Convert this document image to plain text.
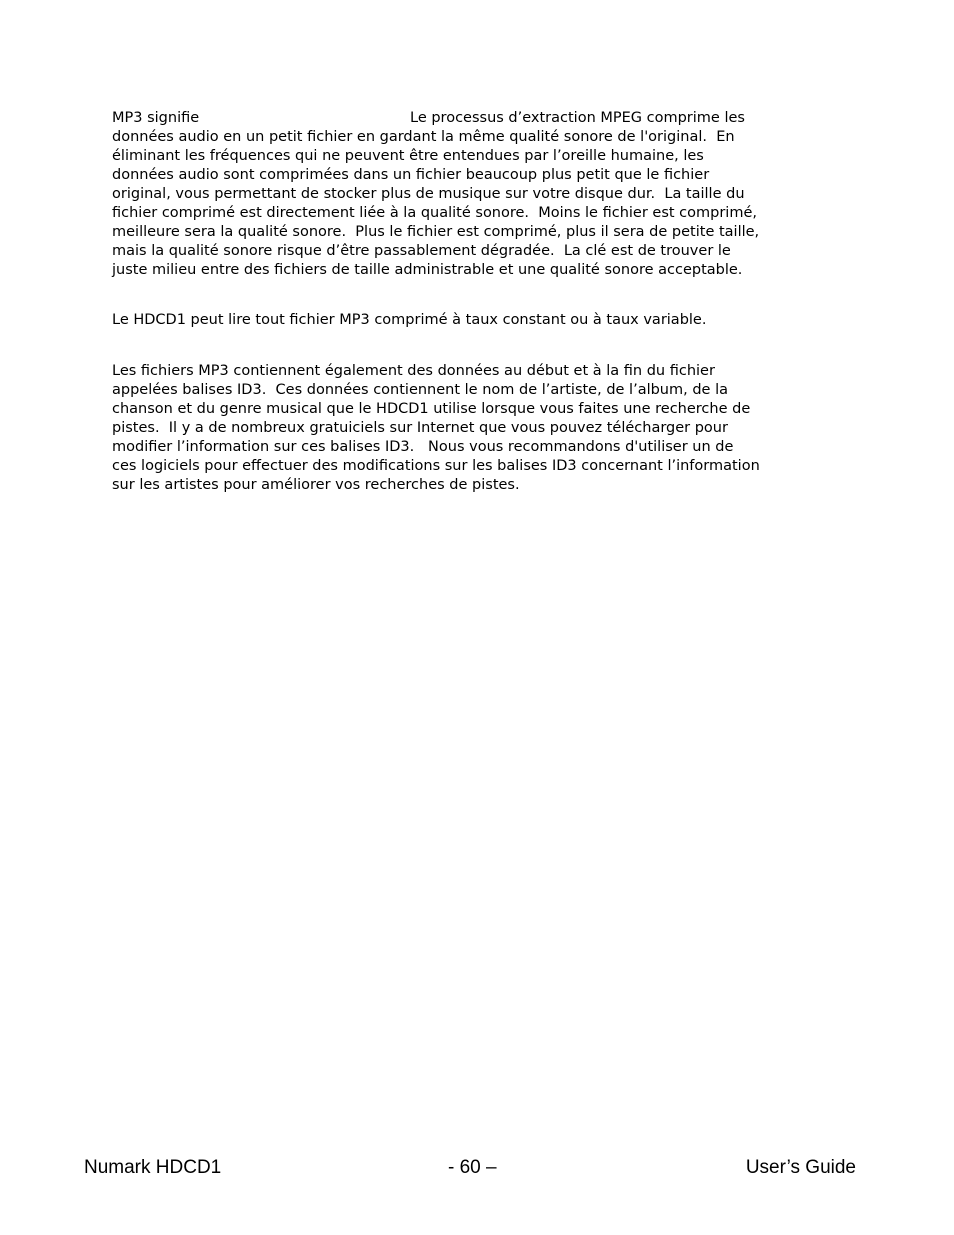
MP3 signifie

	Le processus d’extraction MPEG comprime les

données audio en un petit fichier en gardant la même qualité sonore de l'original.  En
éliminant les fréquences qui ne peuvent être entendues par l’oreille humaine, les
données audio sont comprimées dans un fichier beaucoup plus petit que le fichier
original, vous permettant de stocker plus de musique sur votre disque dur.  La taille du
fichier comprimé est directement liée à la qualité sonore.  Moins le fichier est comprimé,
meilleure sera la qualité sonore.  Plus le fichier est comprimé, plus il sera de petite taille,
mais la qualité sonore risque d’être passablement dégradée.  La clé est de trouver le
juste milieu entre des fichiers de taille administrable et une qualité sonore acceptable.
Le HDCD1 peut lire tout fichier MP3 comprimé à taux constant ou à taux variable.
Les fichiers MP3 contiennent également des données au début et à la fin du fichier
appelées balises ID3.  Ces données contiennent le nom de l’artiste, de l’album, de la
chanson et du genre musical que le HDCD1 utilise lorsque vous faites une recherche de
pistes.  Il y a de nombreux gratuiciels sur Internet que vous pouvez télécharger pour
modifier l’information sur ces balises ID3.   Nous vous recommandons d'utiliser un de
ces logiciels pour effectuer des modifications sur les balises ID3 concernant l’information
sur les artistes pour améliorer vos recherches de pistes.
Numark HDCD1	- 60 –	User’s Guide
